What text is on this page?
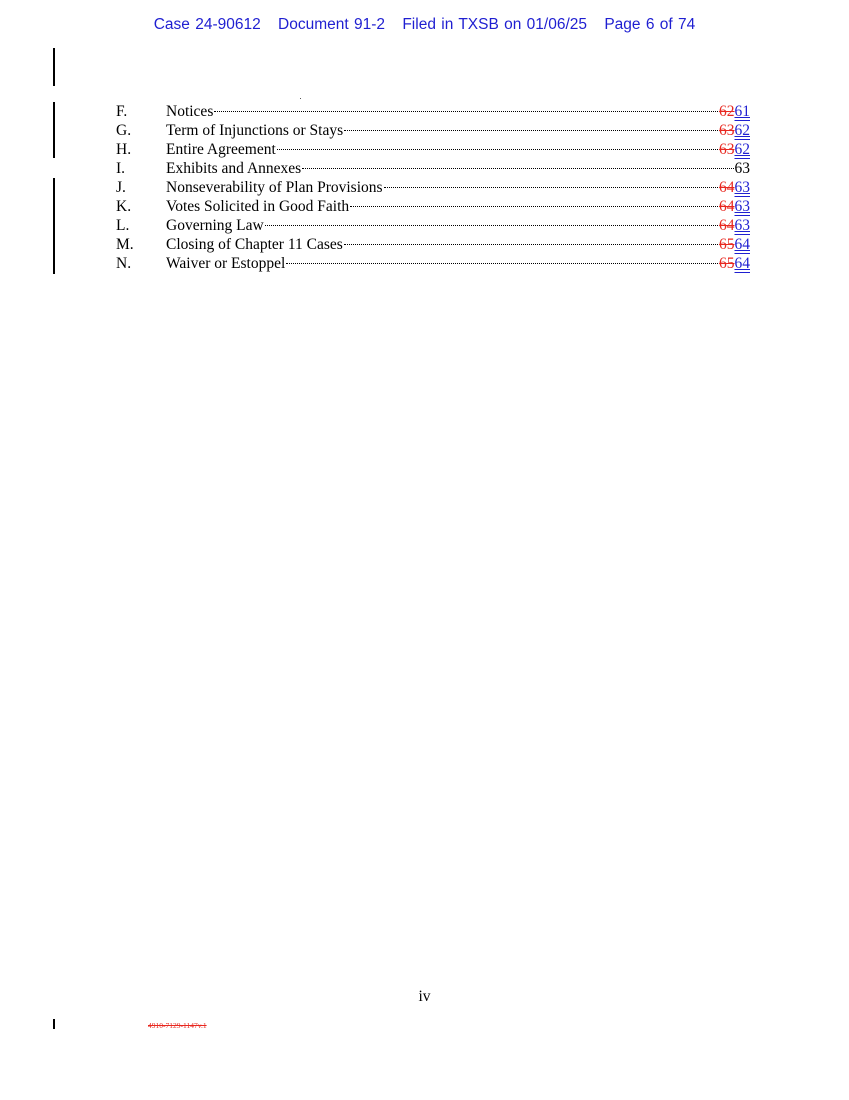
Case 24-90612 Document 91-2 Filed in TXSB on 01/06/25 Page 6 of 74
F.	Notices	6261
G.	Term of Injunctions or Stays	6362
H.	Entire Agreement	6362
I.	Exhibits and Annexes	63
J.	Nonseverability of Plan Provisions	6463
K.	Votes Solicited in Good Faith	6463
L.	Governing Law	6463
M.	Closing of Chapter 11 Cases	6564
N.	Waiver or Estoppel	6564
iv
4910-7129-1147v.1
